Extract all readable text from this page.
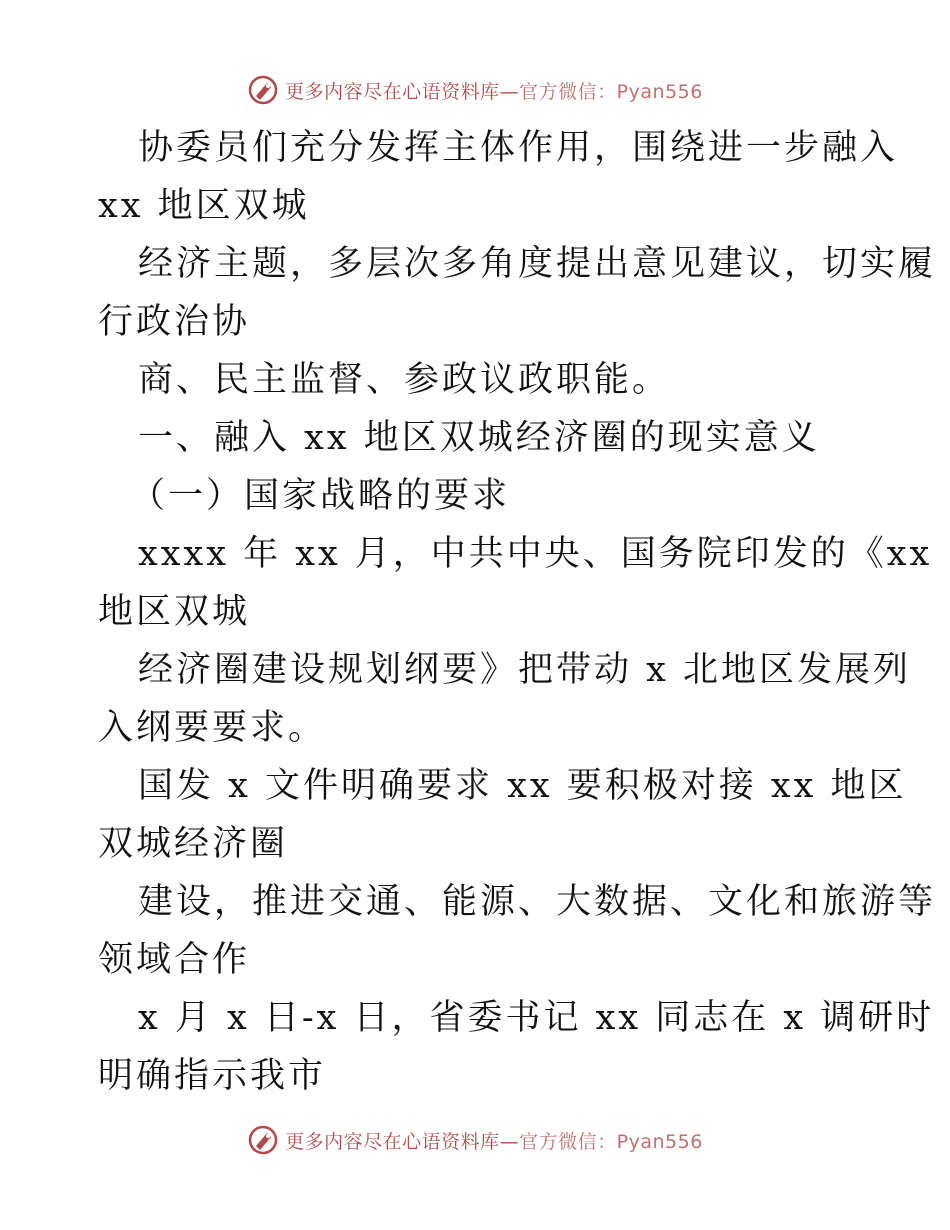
更多内容尽在心语资料库—官方微信：Pyan556
协委员们充分发挥主体作用，围绕进一步融入
xx 地区双城
经济主题，多层次多角度提出意见建议，切实履
行政治协
商、民主监督、参政议政职能。
一、融入 xx 地区双城经济圈的现实意义
（一）国家战略的要求
xxxx 年 xx 月，中共中央、国务院印发的《xx
地区双城
经济圈建设规划纲要》把带动 x 北地区发展列
入纲要要求。
国发 x 文件明确要求 xx 要积极对接 xx 地区
双城经济圈
建设，推进交通、能源、大数据、文化和旅游等
领域合作
x 月 x 日-x 日，省委书记 xx 同志在 x 调研时
明确指示我市
更多内容尽在心语资料库—官方微信：Pyan556
